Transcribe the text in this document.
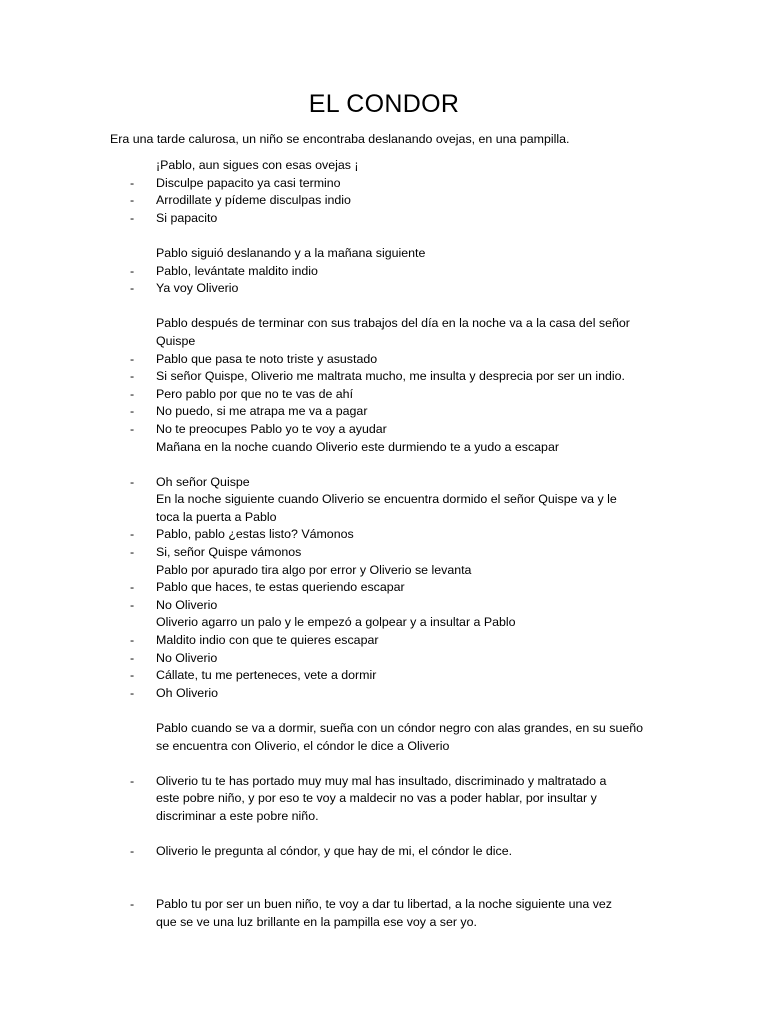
EL CONDOR
Era una tarde calurosa, un niño se encontraba deslanando ovejas, en una pampilla.
¡Pablo, aun sigues con esas ovejas ¡
- Disculpe papacito ya casi termino
- Arrodillate y pídeme disculpas indio
- Si papacito
Pablo siguió deslanando y a la mañana siguiente
- Pablo, levántate maldito indio
- Ya voy Oliverio
Pablo después de terminar con sus trabajos del día en la noche va a la casa del señor
Quispe
- Pablo que pasa te noto triste y asustado
- Si señor Quispe, Oliverio me maltrata mucho, me insulta y desprecia por ser un indio.
- Pero pablo por que no te vas de ahí
- No puedo, si me atrapa me va a pagar
- No te preocupes Pablo yo te voy a ayudar
Mañana en la noche cuando Oliverio este durmiendo te a yudo a escapar
- Oh señor Quispe
En la noche siguiente cuando Oliverio se encuentra dormido el señor Quispe va y le
toca la puerta a Pablo
- Pablo, pablo ¿estas listo? Vámonos
- Si, señor Quispe vámonos
Pablo por apurado tira algo por error y Oliverio se levanta
- Pablo que haces, te estas queriendo escapar
- No Oliverio
Oliverio agarro un palo y le empezó a golpear y a insultar a Pablo
- Maldito indio con que te quieres escapar
- No Oliverio
- Cállate, tu me perteneces, vete a dormir
- Oh Oliverio
Pablo cuando se va a dormir, sueña con un cóndor negro con alas grandes, en su sueño
se encuentra con Oliverio, el cóndor le dice a Oliverio
- Oliverio tu te has portado muy muy mal has insultado, discriminado y maltratado a
este pobre niño, y por eso te voy a maldecir no vas a poder hablar, por insultar y
discriminar a este pobre niño.
- Oliverio le pregunta al cóndor, y que hay de mi, el cóndor le dice.
- Pablo tu por ser un buen niño, te voy a dar tu libertad, a la noche siguiente una vez
que se ve una luz brillante en la pampilla ese voy a ser yo.
